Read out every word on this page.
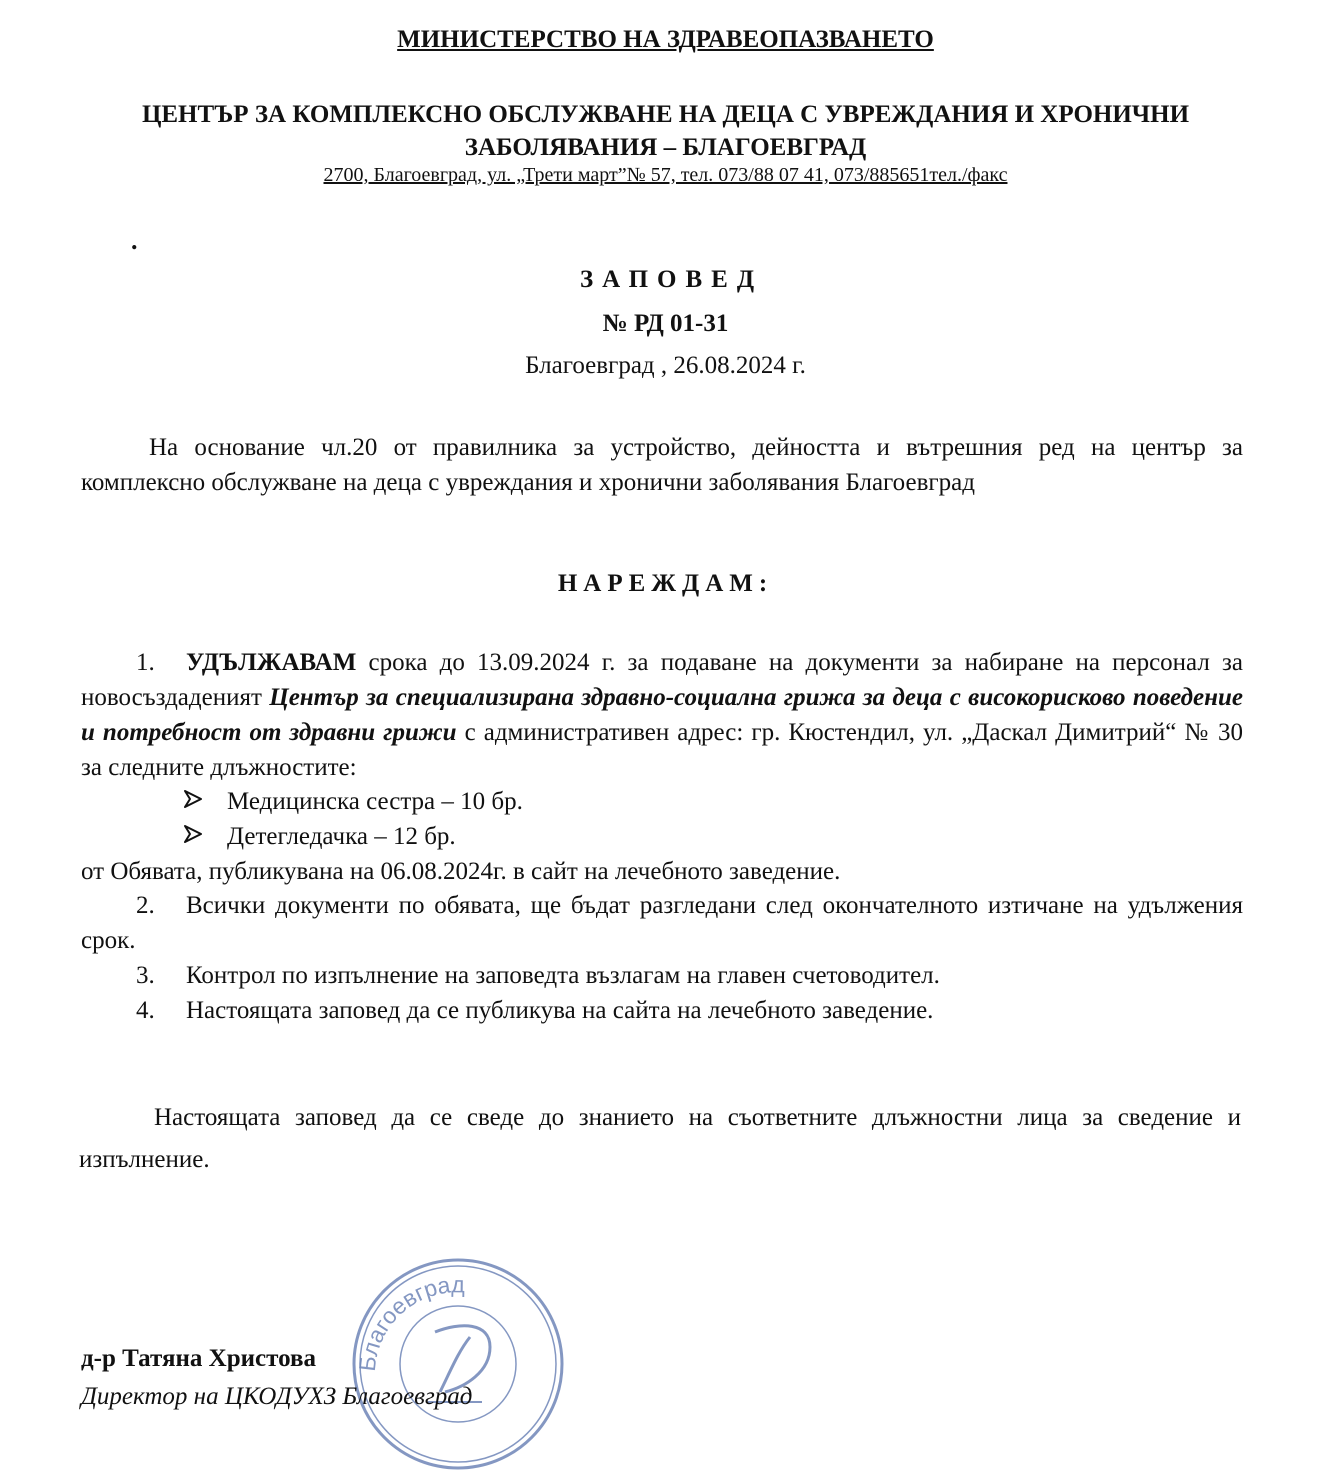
МИНИСТЕРСТВО НА ЗДРАВЕОПАЗВАНЕТО
ЦЕНТЪР ЗА КОМПЛЕКСНО ОБСЛУЖВАНЕ НА ДЕЦА С УВРЕЖДАНИЯ И ХРОНИЧНИ
ЗАБОЛЯВАНИЯ – БЛАГОЕВГРАД
2700, Благоевград, ул. „Трети март”№ 57, тел. 073/88 07 41, 073/885651тел./факс
.
ЗАПОВЕД
№ РД 01-31
Благоевград , 26.08.2024 г.
На основание чл.20 от правилника за устройство, дейността и вътрешния ред на център за комплексно обслужване на деца с увреждания и хронични заболявания Благоевград
НАРЕЖДАМ:
1. УДЪЛЖАВАМ срока до 13.09.2024 г. за подаване на документи за набиране на персонал за новосъздаденият Център за специализирана здравно-социална грижа за деца с високорисково поведение и потребност от здравни грижи с административен адрес: гр. Кюстендил, ул. „Даскал Димитрий“ № 30 за следните длъжностите:
Медицинска сестра – 10 бр.
Детегледачка – 12 бр.
от Обявата, публикувана на 06.08.2024г. в сайт на лечебното заведение.
2. Всички документи по обявата, ще бъдат разгледани след окончателното изтичане на удължения срок.
3. Контрол по изпълнение на заповедта възлагам на главен счетоводител.
4. Настоящата заповед да се публикува на сайта на лечебното заведение.
Настоящата заповед да се сведе до знанието на съответните длъжностни лица за сведение и изпълнение.
Благоевград
д-р Татяна Христова
Директор на ЦКОДУХЗ Благоевград
